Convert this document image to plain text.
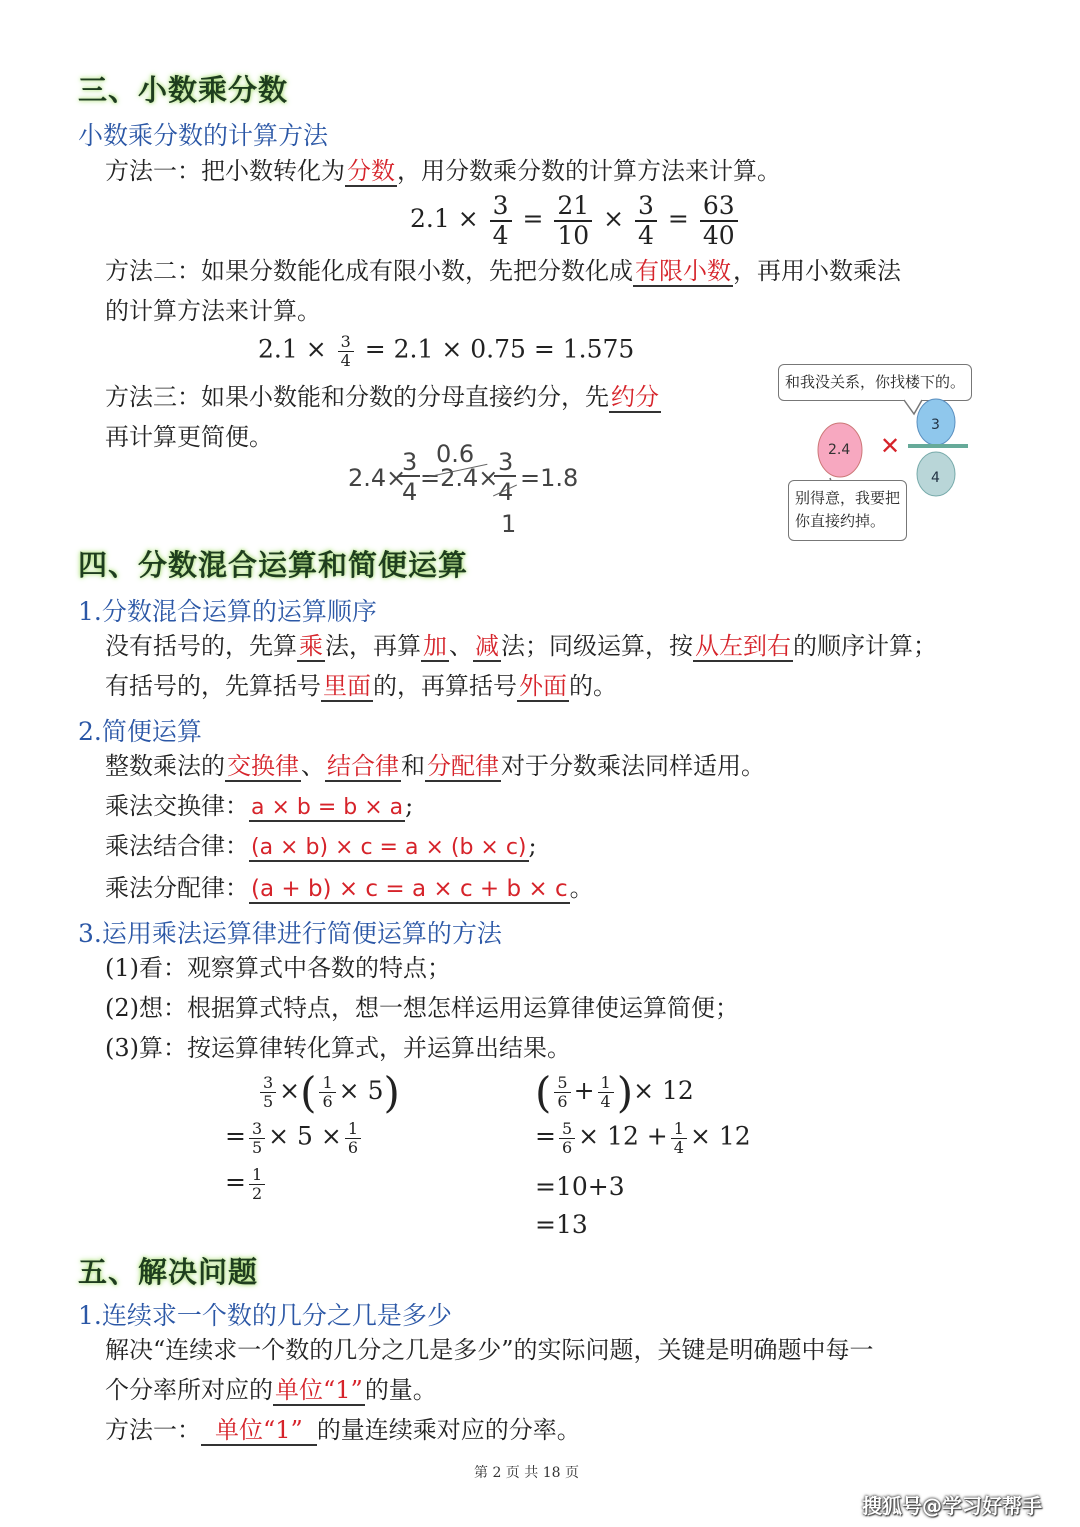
三、小数乘分数
小数乘分数的计算方法
方法一：把小数转化为分数，用分数乘分数的计算方法来计算。
$2.1 \times \frac{3}{4} = \frac{21}{10} \times \frac{3}{4} = \frac{63}{40}$
方法二：如果分数能化成有限小数，先把分数化成有限小数，再用小数乘法
的计算方法来计算。
$2.1 \times \frac{3}{4} = 2.1 \times 0.75 = 1.575$
方法三：如果小数能和分数的分母直接约分，先约分
再计算更简便。
2.4×
3
4 =2.4×
0.6 3
4 =1.8
1
和我没关系，你找楼下的。
2.4
3
4
✕
别得意，我要把
你直接约掉。
四、分数混合运算和简便运算
1.分数混合运算的运算顺序
没有括号的，先算乘法，再算加、减法；同级运算，按从左到右的顺序计算；
有括号的，先算括号里面的，再算括号外面的。
2.简便运算
整数乘法的交换律、结合律和分配律对于分数乘法同样适用。
乘法交换律：a × b = b × a;
乘法结合律：(a × b) × c = a × (b × c);
乘法分配律：(a + b) × c = a × c + b × c。
3.运用乘法运算律进行简便运算的方法
(1)看：观察算式中各数的特点；
(2)想：根据算式特点，想一想怎样运用运算律使运算简便；
(3)算：按运算律转化算式，并运算出结果。

$\frac{3}{5}$ ×( $\frac{1}{6} \times 5$)
= $\frac{3}{5} \times 5 \times \frac{1}{6}$
= $\frac{1}{2}$
( $\frac{5}{6} + \frac{1}{4}$ )× 12
= $\frac{5}{6} \times 12 + \frac{1}{4} \times 12$
=10+3
=13
五、解决问题
1.连续求一个数的几分之几是多少
解决“连续求一个数的几分之几是多少”的实际问题，关键是明确题中每一
个分率所对应的单位“1”的量。
方法一： 单位“1” 的量连续乘对应的分率。
第 2 页 共 18 页
搜狐号@学习好帮手
